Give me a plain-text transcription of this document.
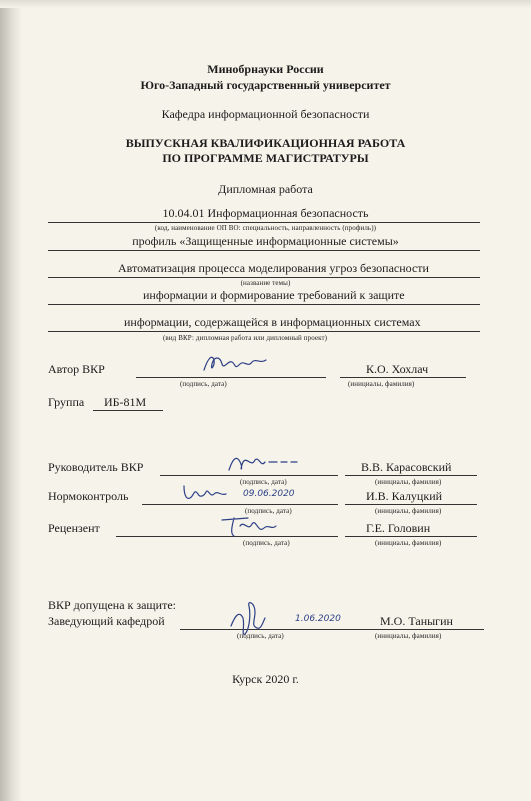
Минобрнауки России
Юго-Западный государственный университет
Кафедра информационной безопасности
ВЫПУСКНАЯ КВАЛИФИКАЦИОННАЯ РАБОТА
ПО ПРОГРАММЕ МАГИСТРАТУРЫ
Дипломная работа
10.04.01 Информационная безопасность
(код, наименование ОП ВО: специальность, направленность (профиль))
профиль «Защищенные информационные системы»
Автоматизация процесса моделирования угроз безопасности
(название темы)
информации и формирование требований к защите
информации, содержащейся в информационных системах
(вид ВКР: дипломная работа или дипломный проект)
Автор ВКР
(подпись, дата)
К.О. Хохлач
(инициалы, фамилия)
Группа ИБ-81М
Руководитель ВКР
(подпись, дата)
В.В. Карасовский
(инициалы, фамилия)
Нормоконтроль	09.06.2020
(подпись, дата)
И.В. Калуцкий
(инициалы, фамилия)
Рецензент
(подпись, дата)
Г.Е. Головин
(инициалы, фамилия)
ВКР допущена к защите:
Заведующий кафедрой	1.06.2020
(подпись, дата)
М.О. Таныгин
(инициалы, фамилия)
Курск 2020 г.
